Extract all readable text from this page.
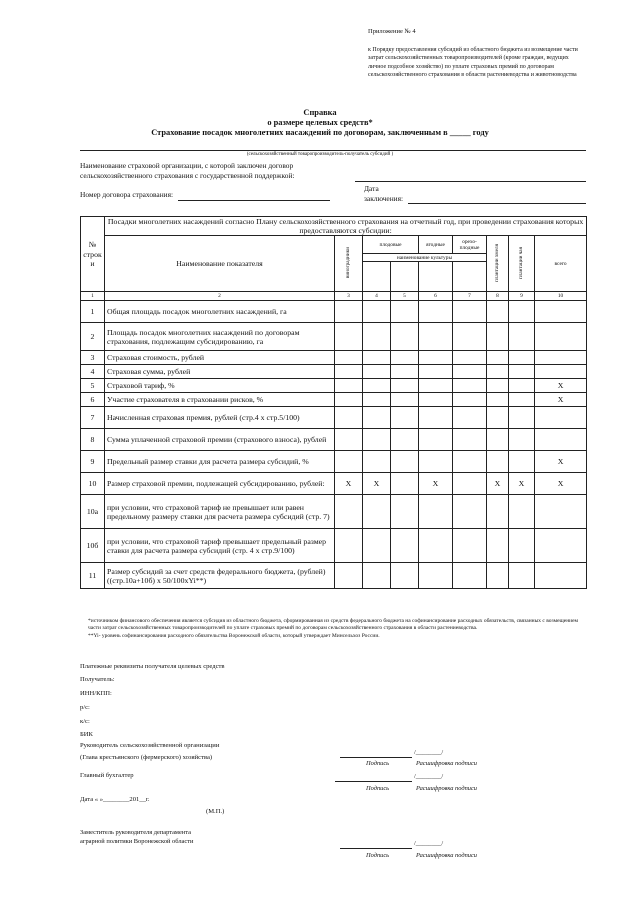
Приложение № 4
к Порядку предоставления субсидий из областного бюджета из возмещение части затрат сельскохозяйственных товаропроизводителей (кроме граждан, ведущих личное подсобное хозяйство) по уплате страховых премий по договорам сельскохозяйственного страхования в области растениеводства и животноводства
Справка
о размере целевых средств*
Страхование посадок многолетних насаждений по договорам, заключенным в _____ году
(сельскохозяйственный товаропроизводитель-получатель субсидий )
Наименование страховой организации, с которой заключен договор
сельскохозяйственного страхования с государственной поддержкой:
Номер договора страхования:
Дата
заключения:
№ строк и	Посадки многолетних насаждений согласно Плану сельскохозяйственного страхования на отчетный год, при проведении страхования которых предоставляются субсидии:								
	Наименование показателя	виноградники	плодовые		ягодные	орехо-плодные	плантации хмеля	плантации чая	всего
			наименование культуры						

1	2	3	4	5	6	7	8	9	10
1	Общая площадь посадок многолетних насаждений, га								
2	Площадь посадок многолетних насаждений по договорам страхования, подлежащим субсидированию, га								
3	Страховая стоимость, рублей								
4	Страховая сумма, рублей								
5	Страховой тариф, %								X
6	Участие страхователя в страховании рисков, %								X
7	Начисленная страховая премия, рублей (стр.4 х стр.5/100)								
8	Сумма уплаченной страховой премии (страхового взноса), рублей								
9	Предельный размер ставки для расчета размера субсидий, %								X
10	Размер страховой премии, подлежащей субсидированию, рублей:	X	X		X		X	X	X
10а	при условии, что страховой тариф не превышает или равен предельному размеру ставки для расчета размера субсидий (стр. 7)								
10б	при условии, что страховой тариф превышает предельный размер ставки для расчета размера субсидий (стр. 4 х стр.9/100)								
11	Размер субсидий за счет средств федерального бюджета, (рублей) ((стр.10а+10б) х 50/100хYi**)								
*источником финансового обеспечения является субсидия из областного бюджета, сформированная из средств федерального бюджета на софинансирование расходных обязательств, связанных с возмещением части затрат сельскохозяйственных товаропроизводителей по уплате страховых премий по договорам сельскохозяйственного страхования в области растениеводства.
**Yi- уровень софинансирования расходного обязательства Воронежской области, который утверждает Минсельхоз России.
Платежные реквизиты получателя целевых средств
Получатель:
ИНН/КПП:
р/с:
к/с:
БИК
Руководитель сельскохозяйственной организации
(Глава крестьянского (фермерского) хозяйства)
/________/
Подпись	Расшифровка подписи
Главный бухгалтер	/________/
Подпись	Расшифровка подписи
Дата « »________201__г.
(М.П.)
Заместитель руководителя департамента
аграрной политики Воронежской области	/________/
Подпись	Расшифровка подписи
